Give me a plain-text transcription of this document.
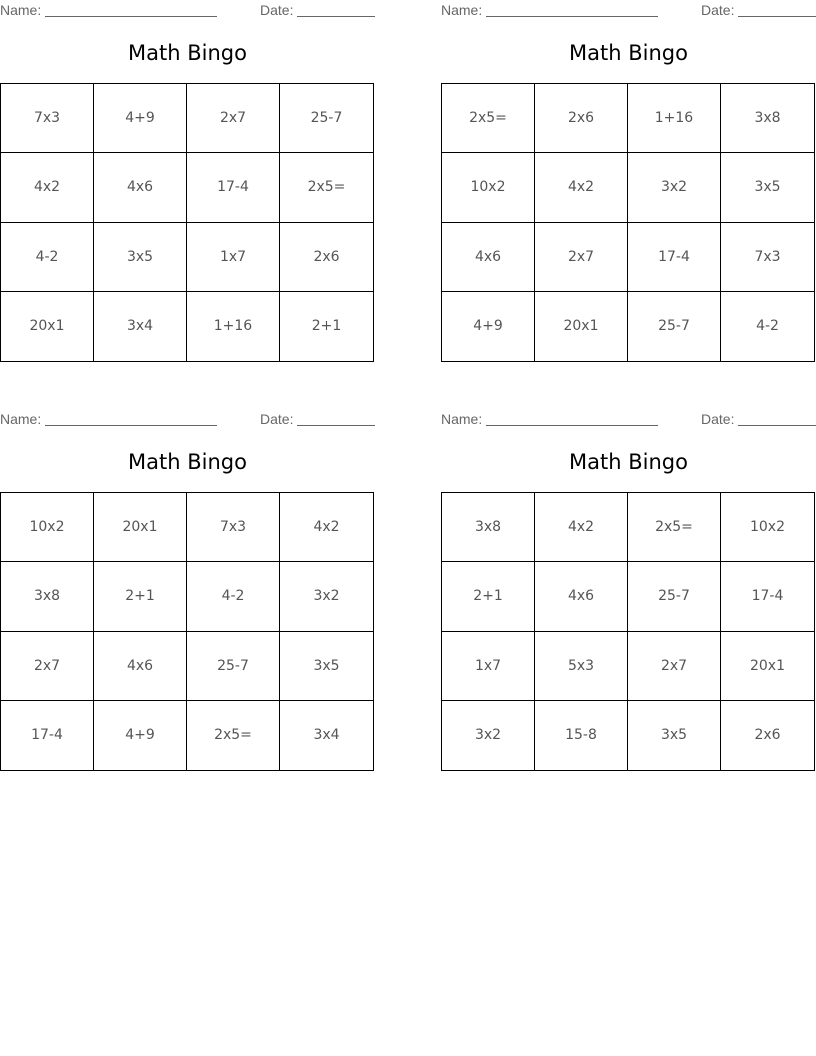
Name:	Date:
Math Bingo
7x3	4+9	2x7	25-7
4x2	4x6	17-4	2x5=
4-2	3x5	1x7	2x6
20x1	3x4	1+16	2+1
Name:	Date:
Math Bingo
2x5=	2x6	1+16	3x8
10x2	4x2	3x2	3x5
4x6	2x7	17-4	7x3
4+9	20x1	25-7	4-2
Name:	Date:
Math Bingo
10x2	20x1	7x3	4x2
3x8	2+1	4-2	3x2
2x7	4x6	25-7	3x5
17-4	4+9	2x5=	3x4
Name:	Date:
Math Bingo
3x8	4x2	2x5=	10x2
2+1	4x6	25-7	17-4
1x7	5x3	2x7	20x1
3x2	15-8	3x5	2x6
